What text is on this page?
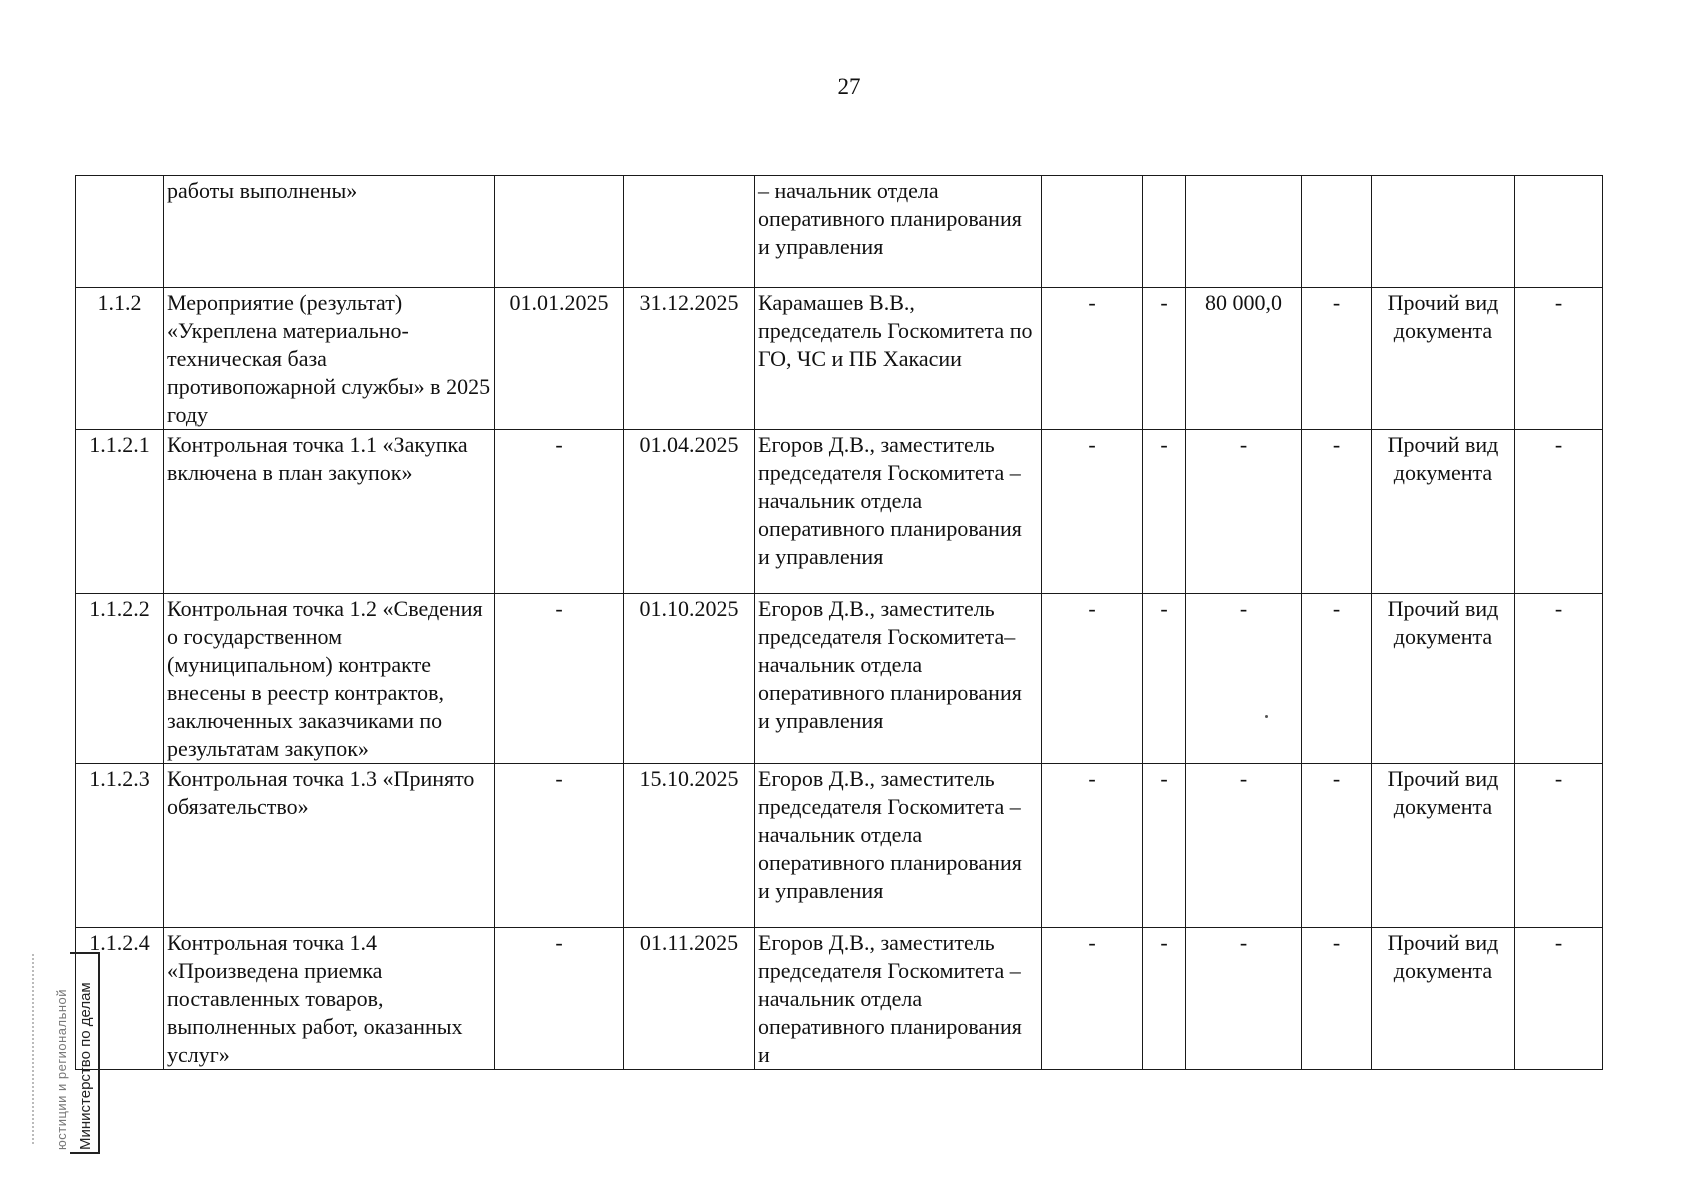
27
	работы выполнены»			– начальник отдела оперативного планирования и управления						
1.1.2	Мероприятие (результат) «Укреплена материально-техническая база противопожарной службы» в 2025 году	01.01.2025	31.12.2025	Карамашев В.В., председатель Госкомитета по ГО, ЧС и ПБ Хакасии	-	-	80 000,0	-	Прочий вид документа	-
1.1.2.1	Контрольная точка 1.1 «Закупка включена в план закупок»	-	01.04.2025	Егоров Д.В., заместитель председателя Госкомитета – начальник отдела оперативного планирования и управления	-	-	-	-	Прочий вид документа	-
1.1.2.2	Контрольная точка 1.2 «Сведения о государственном (муниципальном) контракте внесены в реестр контрактов, заключенных заказчиками по результатам закупок»	-	01.10.2025	Егоров Д.В., заместитель председателя Госкомитета– начальник отдела оперативного планирования и управления	-	-	-	-	Прочий вид документа	-
1.1.2.3	Контрольная точка 1.3 «Принято обязательство»	-	15.10.2025	Егоров Д.В., заместитель председателя Госкомитета – начальник отдела оперативного планирования и управления	-	-	-	-	Прочий вид документа	-
1.1.2.4	Контрольная точка 1.4 «Произведена приемка поставленных товаров, выполненных работ, оказанных услуг»	-	01.11.2025	Егоров Д.В., заместитель председателя Госкомитета – начальник отдела оперативного планирования и	-	-	-	-	Прочий вид документа	-
Министерство по делам
юстиции и региональной
